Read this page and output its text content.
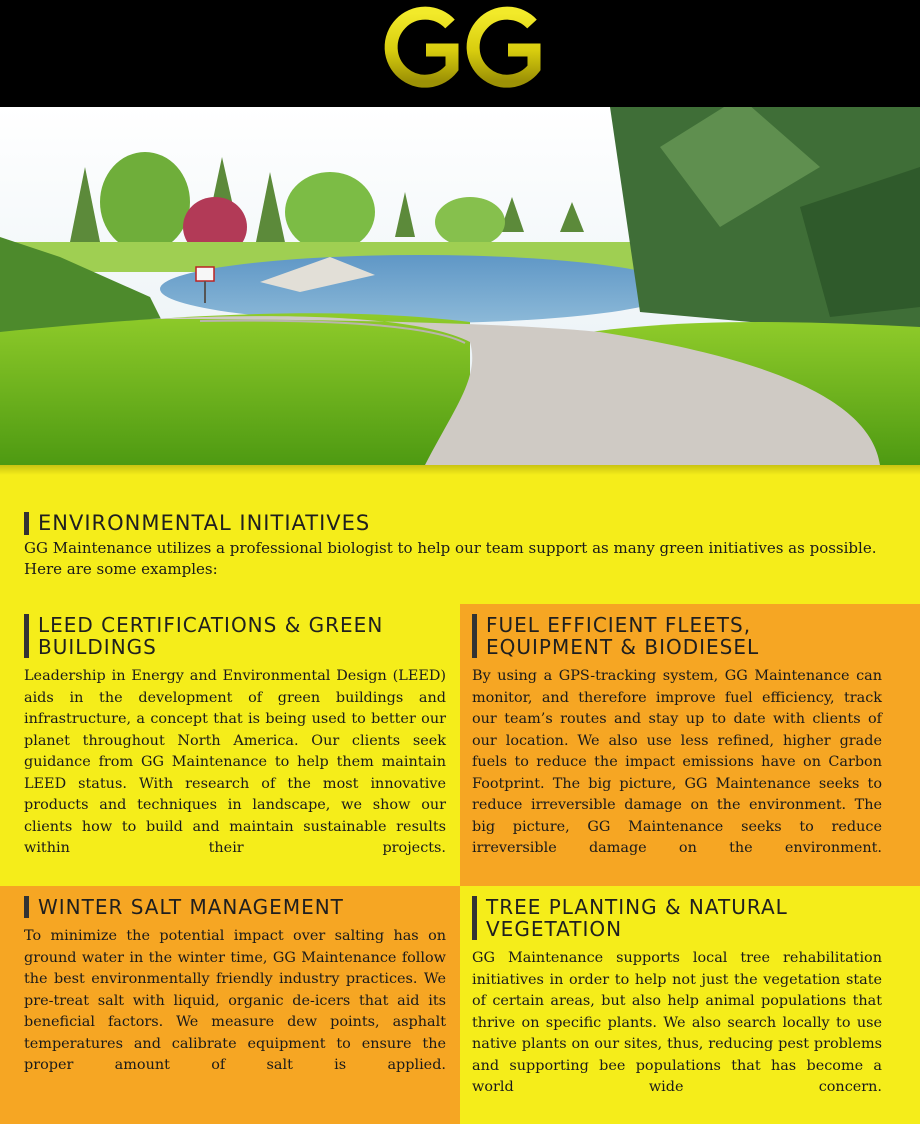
ENVIRONMENTAL INITIATIVES

GG Maintenance utilizes a professional biologist to help our team support as many green initiatives as possible. Here are some examples:

LEED CERTIFICATIONS & GREEN BUILDINGS

Leadership in Energy and Environmental Design (LEED) aids in the development of green buildings and infrastructure, a concept that is being used to better our planet throughout North America. Our clients seek guidance from GG Maintenance to help them maintain LEED status. With research of the most innovative products and techniques in landscape, we show our clients how to build and maintain sustainable results within their projects.

FUEL EFFICIENT FLEETS, EQUIPMENT & BIODIESEL

By using a GPS-tracking system, GG Maintenance can monitor, and therefore improve fuel efficiency, track our team’s routes and stay up to date with clients of our location. We also use less refined, higher grade fuels to reduce the impact emissions have on Carbon Footprint. The big picture, GG Maintenance seeks to reduce irreversible damage on the environment. The big picture, GG Maintenance seeks to reduce irreversible damage on the environment.

WINTER SALT MANAGEMENT

To minimize the potential impact over salting has on ground water in the winter time, GG Maintenance follow the best environmentally friendly industry practices. We pre-treat salt with liquid, organic de-icers that aid its beneficial factors. We measure dew points, asphalt temperatures and calibrate equipment to ensure the proper amount of salt is applied.

TREE PLANTING & NATURAL VEGETATION

GG Maintenance supports local tree rehabilitation initiatives in order to help not just the vegetation state of certain areas, but also help animal populations that thrive on specific plants. We also search locally to use native plants on our sites, thus, reducing pest problems and supporting bee populations that has become a world wide concern.
